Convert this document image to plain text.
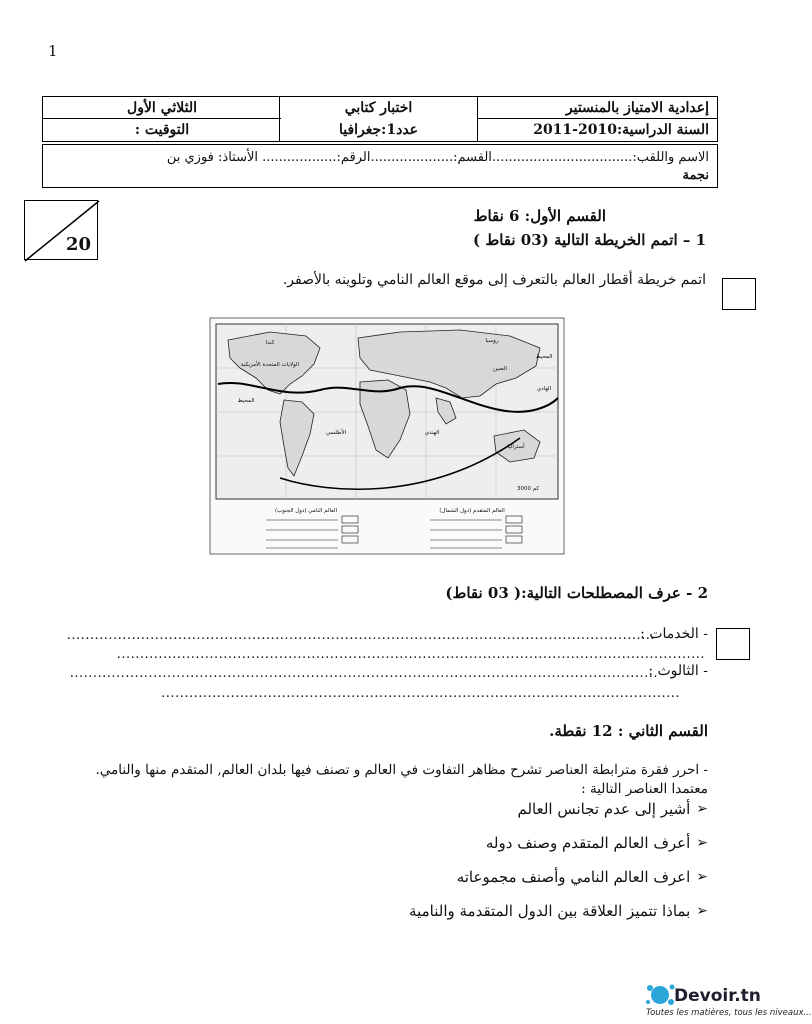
1
إعدادية الامتياز بالمنستير
السنة الدراسية:2010-2011
اختبار كتابي
عدد1:جغرافيا
الثلاثي الأول
التوقيت :
الاسم واللقب:..................................القسم:....................الرقم:.................. الأستاذ: فوزي بن
نجمة
20
القسم الأول: 6 نقاط
1 – اتمم الخريطة التالية (03 نقاط )
اتمم خريطة أقطار العالم بالتعرف إلى موقع العالم النامي وتلوينه بالأصفر.
روسيا
كندا
الولايات المتحدة الأمريكية
الصين
المحيط
الهادي
المحيط
الأطلسي	الهندي
أستراليا
3000 كم
العالم المتقدم (دول الشمال)
العالم النامي (دول الجنوب)
2 - عرف المصطلحات التالية:( 03 نقاط)
- الخدمات :
...............................................................................................................................
...............................................................................................................................
- الثالوث :
...............................................................................................................................
................................................................................................................
القسم الثاني : 12 نقطة.
- احرر فقرة مترابطة العناصر تشرح مظاهر التفاوت في العالم و تصنف فيها بلدان العالم, المتقدم منها والنامي.
معتمدا العناصر التالية :
➢
أشير إلى عدم تجانس العالم
➢
أعرف العالم المتقدم وصنف دوله
➢
اعرف العالم النامي وأصنف مجموعاته
➢
بماذا تتميز العلاقة بين الدول المتقدمة والنامية
Devoir.tn
Toutes les matières, tous les niveaux...
